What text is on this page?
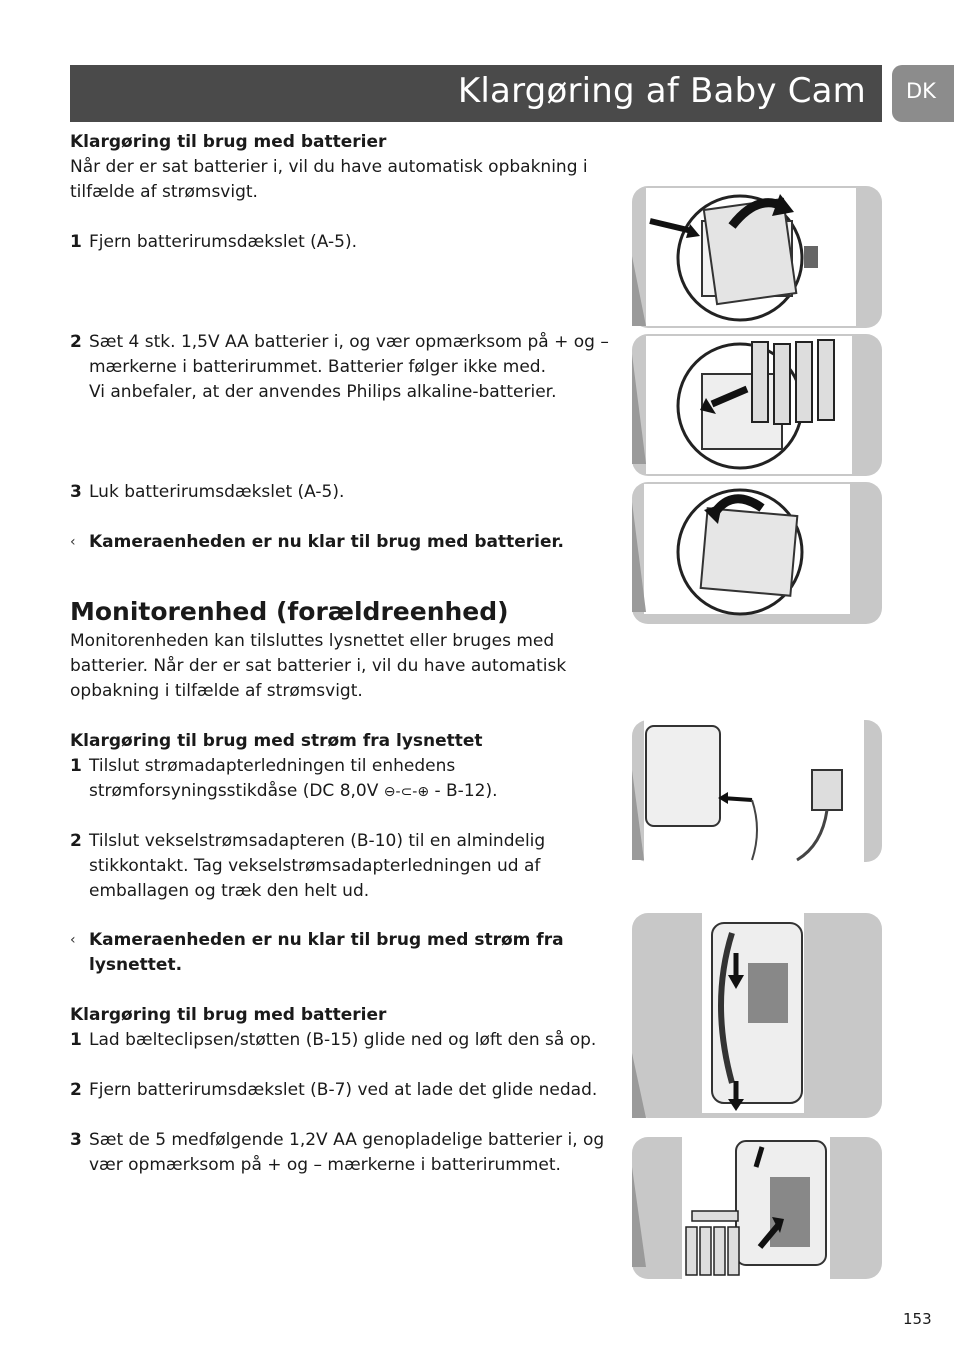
Klargøring af Baby Cam DK
Klargøring til brug med batterier
Når der er sat batterier i, vil du have automatisk opbakning i tilfælde af strømsvigt.
1 Fjern batterirumsdækslet (A-5).
2 Sæt 4 stk. 1,5V AA batterier i, og vær opmærksom på + og – mærkerne i batterirummet. Batterier følger ikke med.
Vi anbefaler, at der anvendes Philips alkaline-batterier.
3 Luk batterirumsdækslet (A-5).
‹ Kameraenheden er nu klar til brug med batterier.
Monitorenhed (forældreenhed)
Monitorenheden kan tilsluttes lysnettet eller bruges med batterier. Når der er sat batterier i, vil du have automatisk opbakning i tilfælde af strømsvigt.
Klargøring til brug med strøm fra lysnettet
1 Tilslut strømadapterledningen til enhedens
strømforsyningsstikdåse (DC 8,0V ⊖-⊂-⊕ - B-12).
2 Tilslut vekselstrømsadapteren (B-10) til en almindelig stikkontakt. Tag vekselstrømsadapterledningen ud af emballagen og træk den helt ud.
‹ Kameraenheden er nu klar til brug med strøm fra lysnettet.
Klargøring til brug med batterier
1 Lad bælteclipsen/støtten (B-15) glide ned og løft den så op.
2 Fjern batterirumsdækslet (B-7) ved at lade det glide nedad.
3 Sæt de 5 medfølgende 1,2V AA genopladelige batterier i, og vær opmærksom på + og – mærkerne i batterirummet.
153
